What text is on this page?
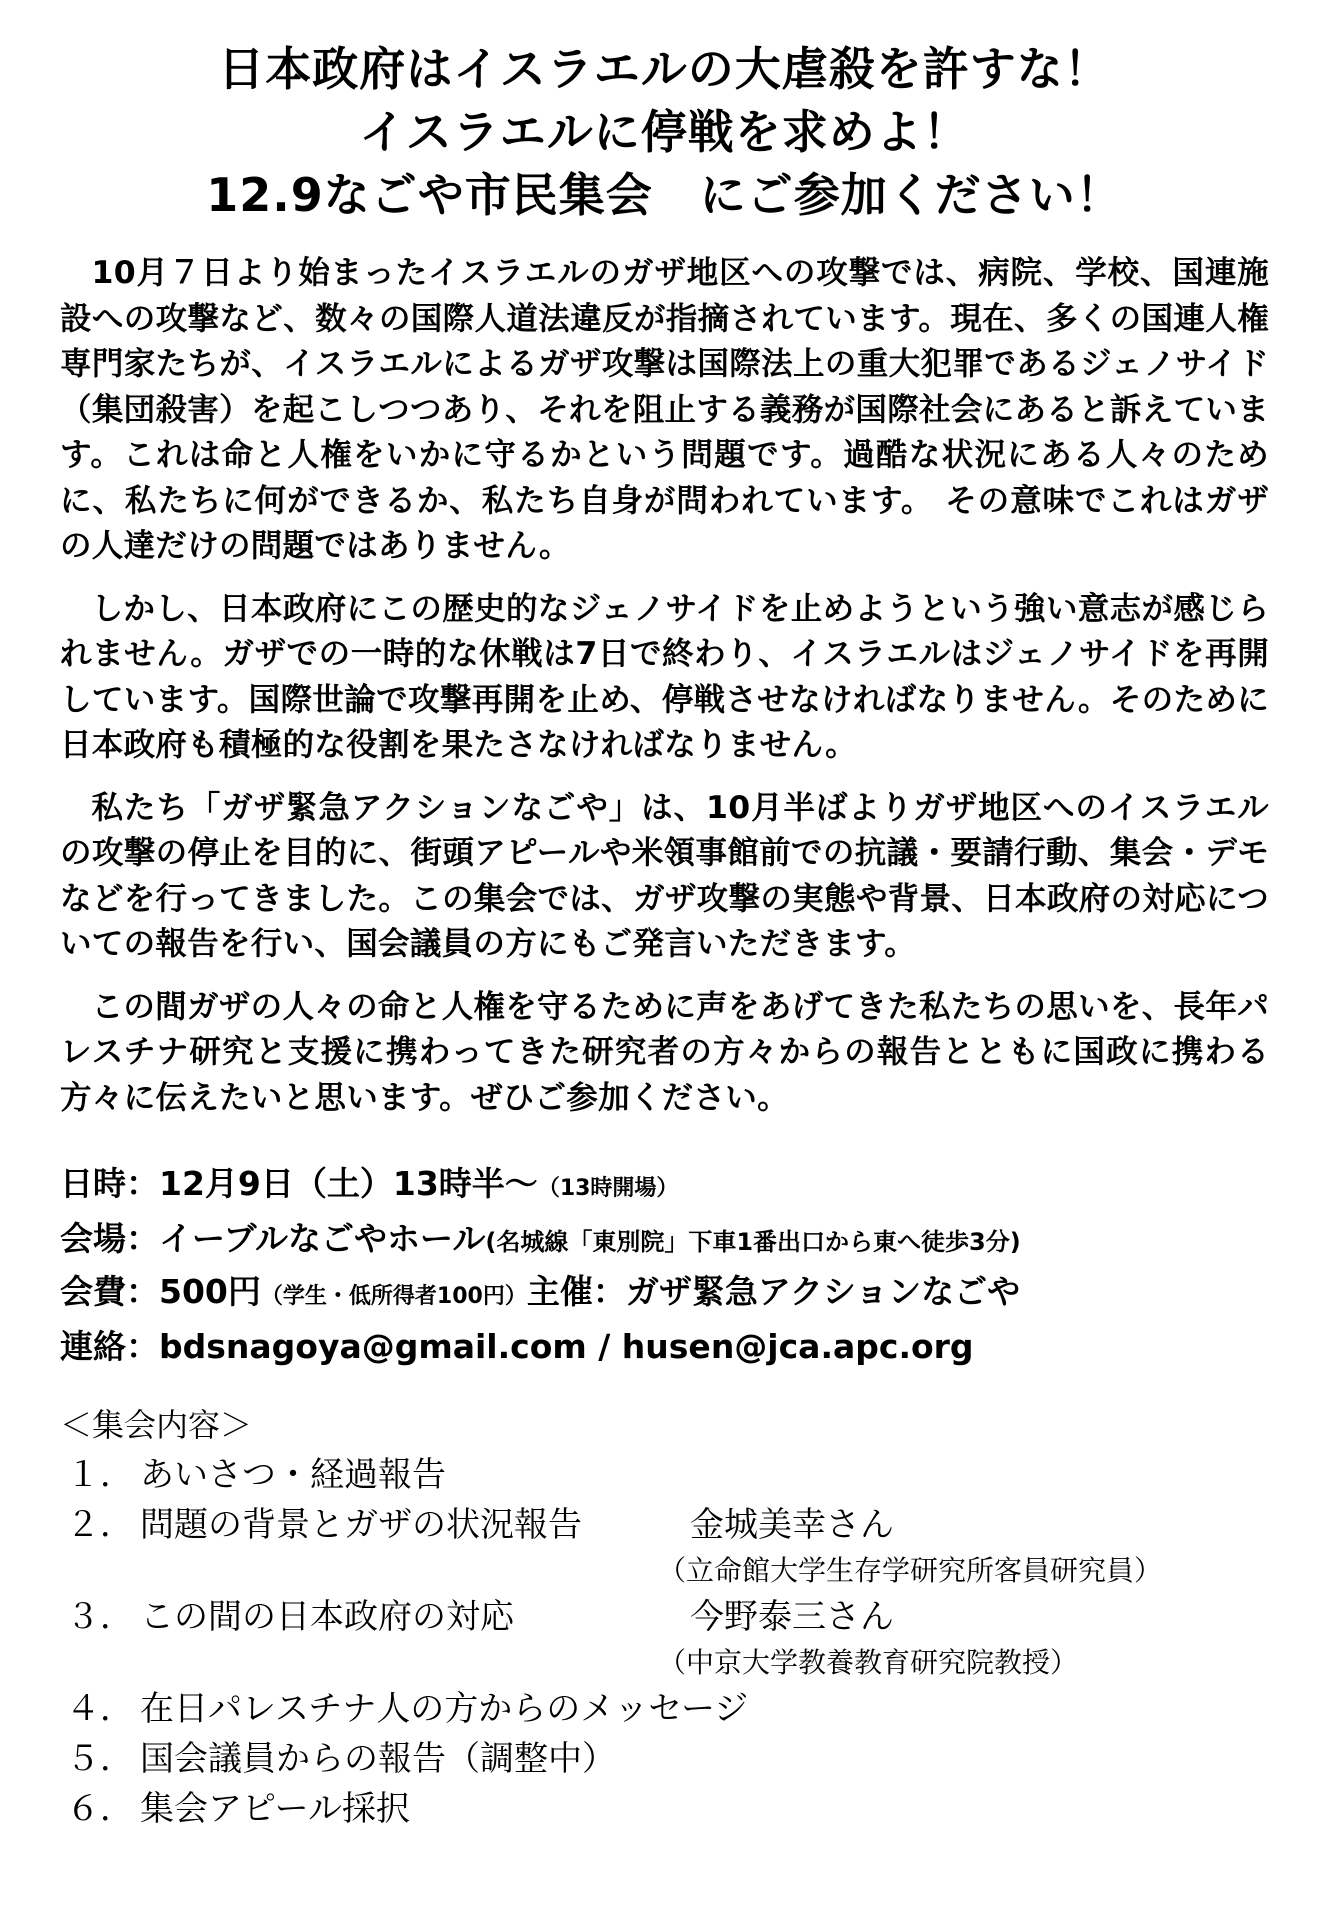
日本政府はイスラエルの大虐殺を許すな！
イスラエルに停戦を求めよ！
12.9なごや市民集会　にご参加ください！

10月７日より始まったイスラエルのガザ地区への攻撃では、病院、学校、国連施設への攻撃など、数々の国際人道法違反が指摘されています。現在、多くの国連人権専門家たちが、イスラエルによるガザ攻撃は国際法上の重大犯罪であるジェノサイド（集団殺害）を起こしつつあり、それを阻止する義務が国際社会にあると訴えています。これは命と人権をいかに守るかという問題です。過酷な状況にある人々のために、私たちに何ができるか、私たち自身が問われています。 その意味でこれはガザの人達だけの問題ではありません。

しかし、日本政府にこの歴史的なジェノサイドを止めようという強い意志が感じられません。ガザでの一時的な休戦は7日で終わり、イスラエルはジェノサイドを再開しています。国際世論で攻撃再開を止め、停戦させなければなりません。そのために日本政府も積極的な役割を果たさなければなりません。

私たち「ガザ緊急アクションなごや」は、10月半ばよりガザ地区へのイスラエルの攻撃の停止を目的に、街頭アピールや米領事館前での抗議・要請行動、集会・デモなどを行ってきました。この集会では、ガザ攻撃の実態や背景、日本政府の対応についての報告を行い、国会議員の方にもご発言いただきます。

この間ガザの人々の命と人権を守るために声をあげてきた私たちの思いを、長年パレスチナ研究と支援に携わってきた研究者の方々からの報告とともに国政に携わる方々に伝えたいと思います。ぜひご参加ください。

日時：12月9日（土）13時半～（13時開場）
会場：イーブルなごやホール(名城線「東別院」下車1番出口から東へ徒歩3分)
会費：500円（学生・低所得者100円）主催：ガザ緊急アクションなごや
連絡：bdsnagoya@gmail.com / husen@jca.apc.org
＜集会内容＞
１． あいさつ・経過報告
２． 問題の背景とガザの状況報告	金城美幸さん
（立命館大学生存学研究所客員研究員）
３． この間の日本政府の対応	今野泰三さん
（中京大学教養教育研究院教授）
４． 在日パレスチナ人の方からのメッセージ
５． 国会議員からの報告（調整中）
６． 集会アピール採択
